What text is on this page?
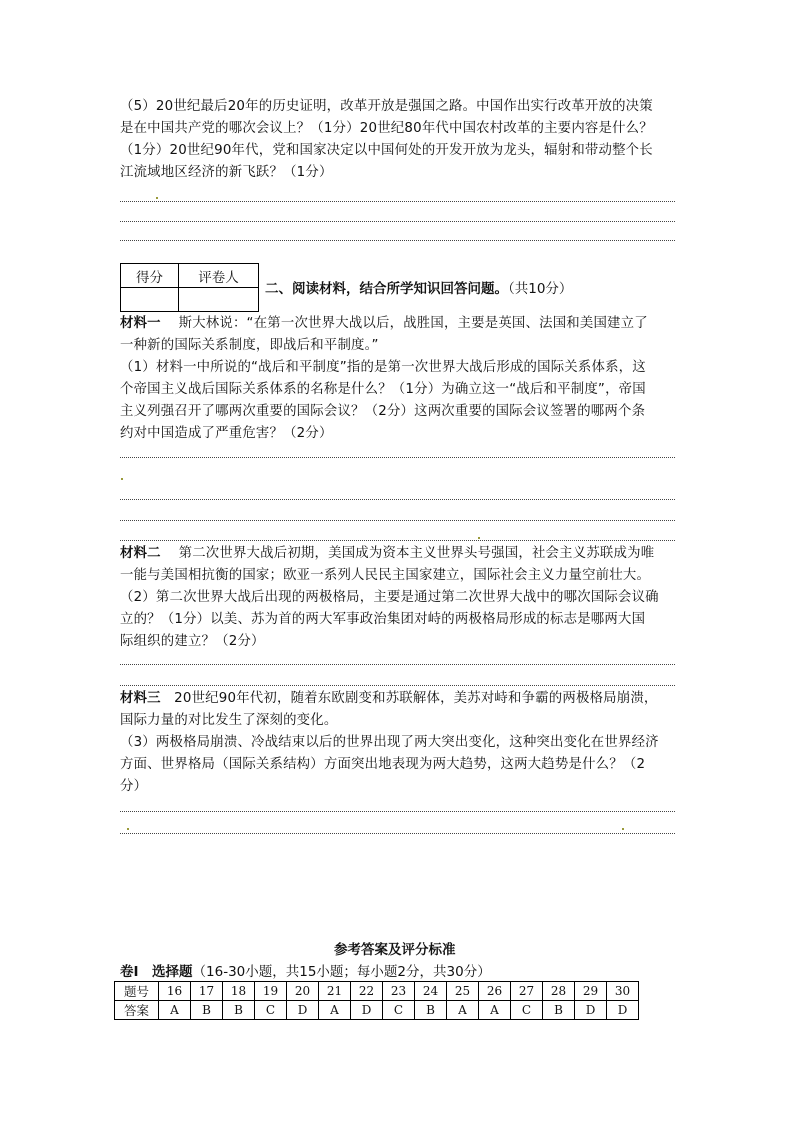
（5）20世纪最后20年的历史证明，改革开放是强国之路。中国作出实行改革开放的决策
是在中国共产党的哪次会议上？（1分）20世纪80年代中国农村改革的主要内容是什么？
（1分）20世纪90年代，党和国家决定以中国何处的开发开放为龙头，辐射和带动整个长
江流域地区经济的新飞跃？（1分）
得分	评卷人

二、阅读材料，结合所学知识回答问题。（共10分）
材料一 斯大林说：“在第一次世界大战以后，战胜国，主要是英国、法国和美国建立了
一种新的国际关系制度，即战后和平制度。”
（1）材料一中所说的“战后和平制度”指的是第一次世界大战后形成的国际关系体系，这
个帝国主义战后国际关系体系的名称是什么？（1分）为确立这一“战后和平制度”，帝国
主义列强召开了哪两次重要的国际会议？（2分）这两次重要的国际会议签署的哪两个条
约对中国造成了严重危害？（2分）
材料二 第二次世界大战后初期，美国成为资本主义世界头号强国，社会主义苏联成为唯
一能与美国相抗衡的国家；欧亚一系列人民民主国家建立，国际社会主义力量空前壮大。
（2）第二次世界大战后出现的两极格局，主要是通过第二次世界大战中的哪次国际会议确
立的？（1分）以美、苏为首的两大军事政治集团对峙的两极格局形成的标志是哪两大国
际组织的建立？（2分）
材料三 20世纪90年代初，随着东欧剧变和苏联解体，美苏对峙和争霸的两极格局崩溃，
国际力量的对比发生了深刻的变化。
（3）两极格局崩溃、冷战结束以后的世界出现了两大突出变化，这种突出变化在世界经济
方面、世界格局（国际关系结构）方面突出地表现为两大趋势，这两大趋势是什么？（2
分）
参考答案及评分标准
卷Ⅰ　选择题（16-30小题，共15小题；每小题2分，共30分）
题号	16	17	18	19	20	21	22	23	24	25	26	27	28	29	30
答案	A	B	B	C	D	A	D	C	B	A	A	C	B	D	D
